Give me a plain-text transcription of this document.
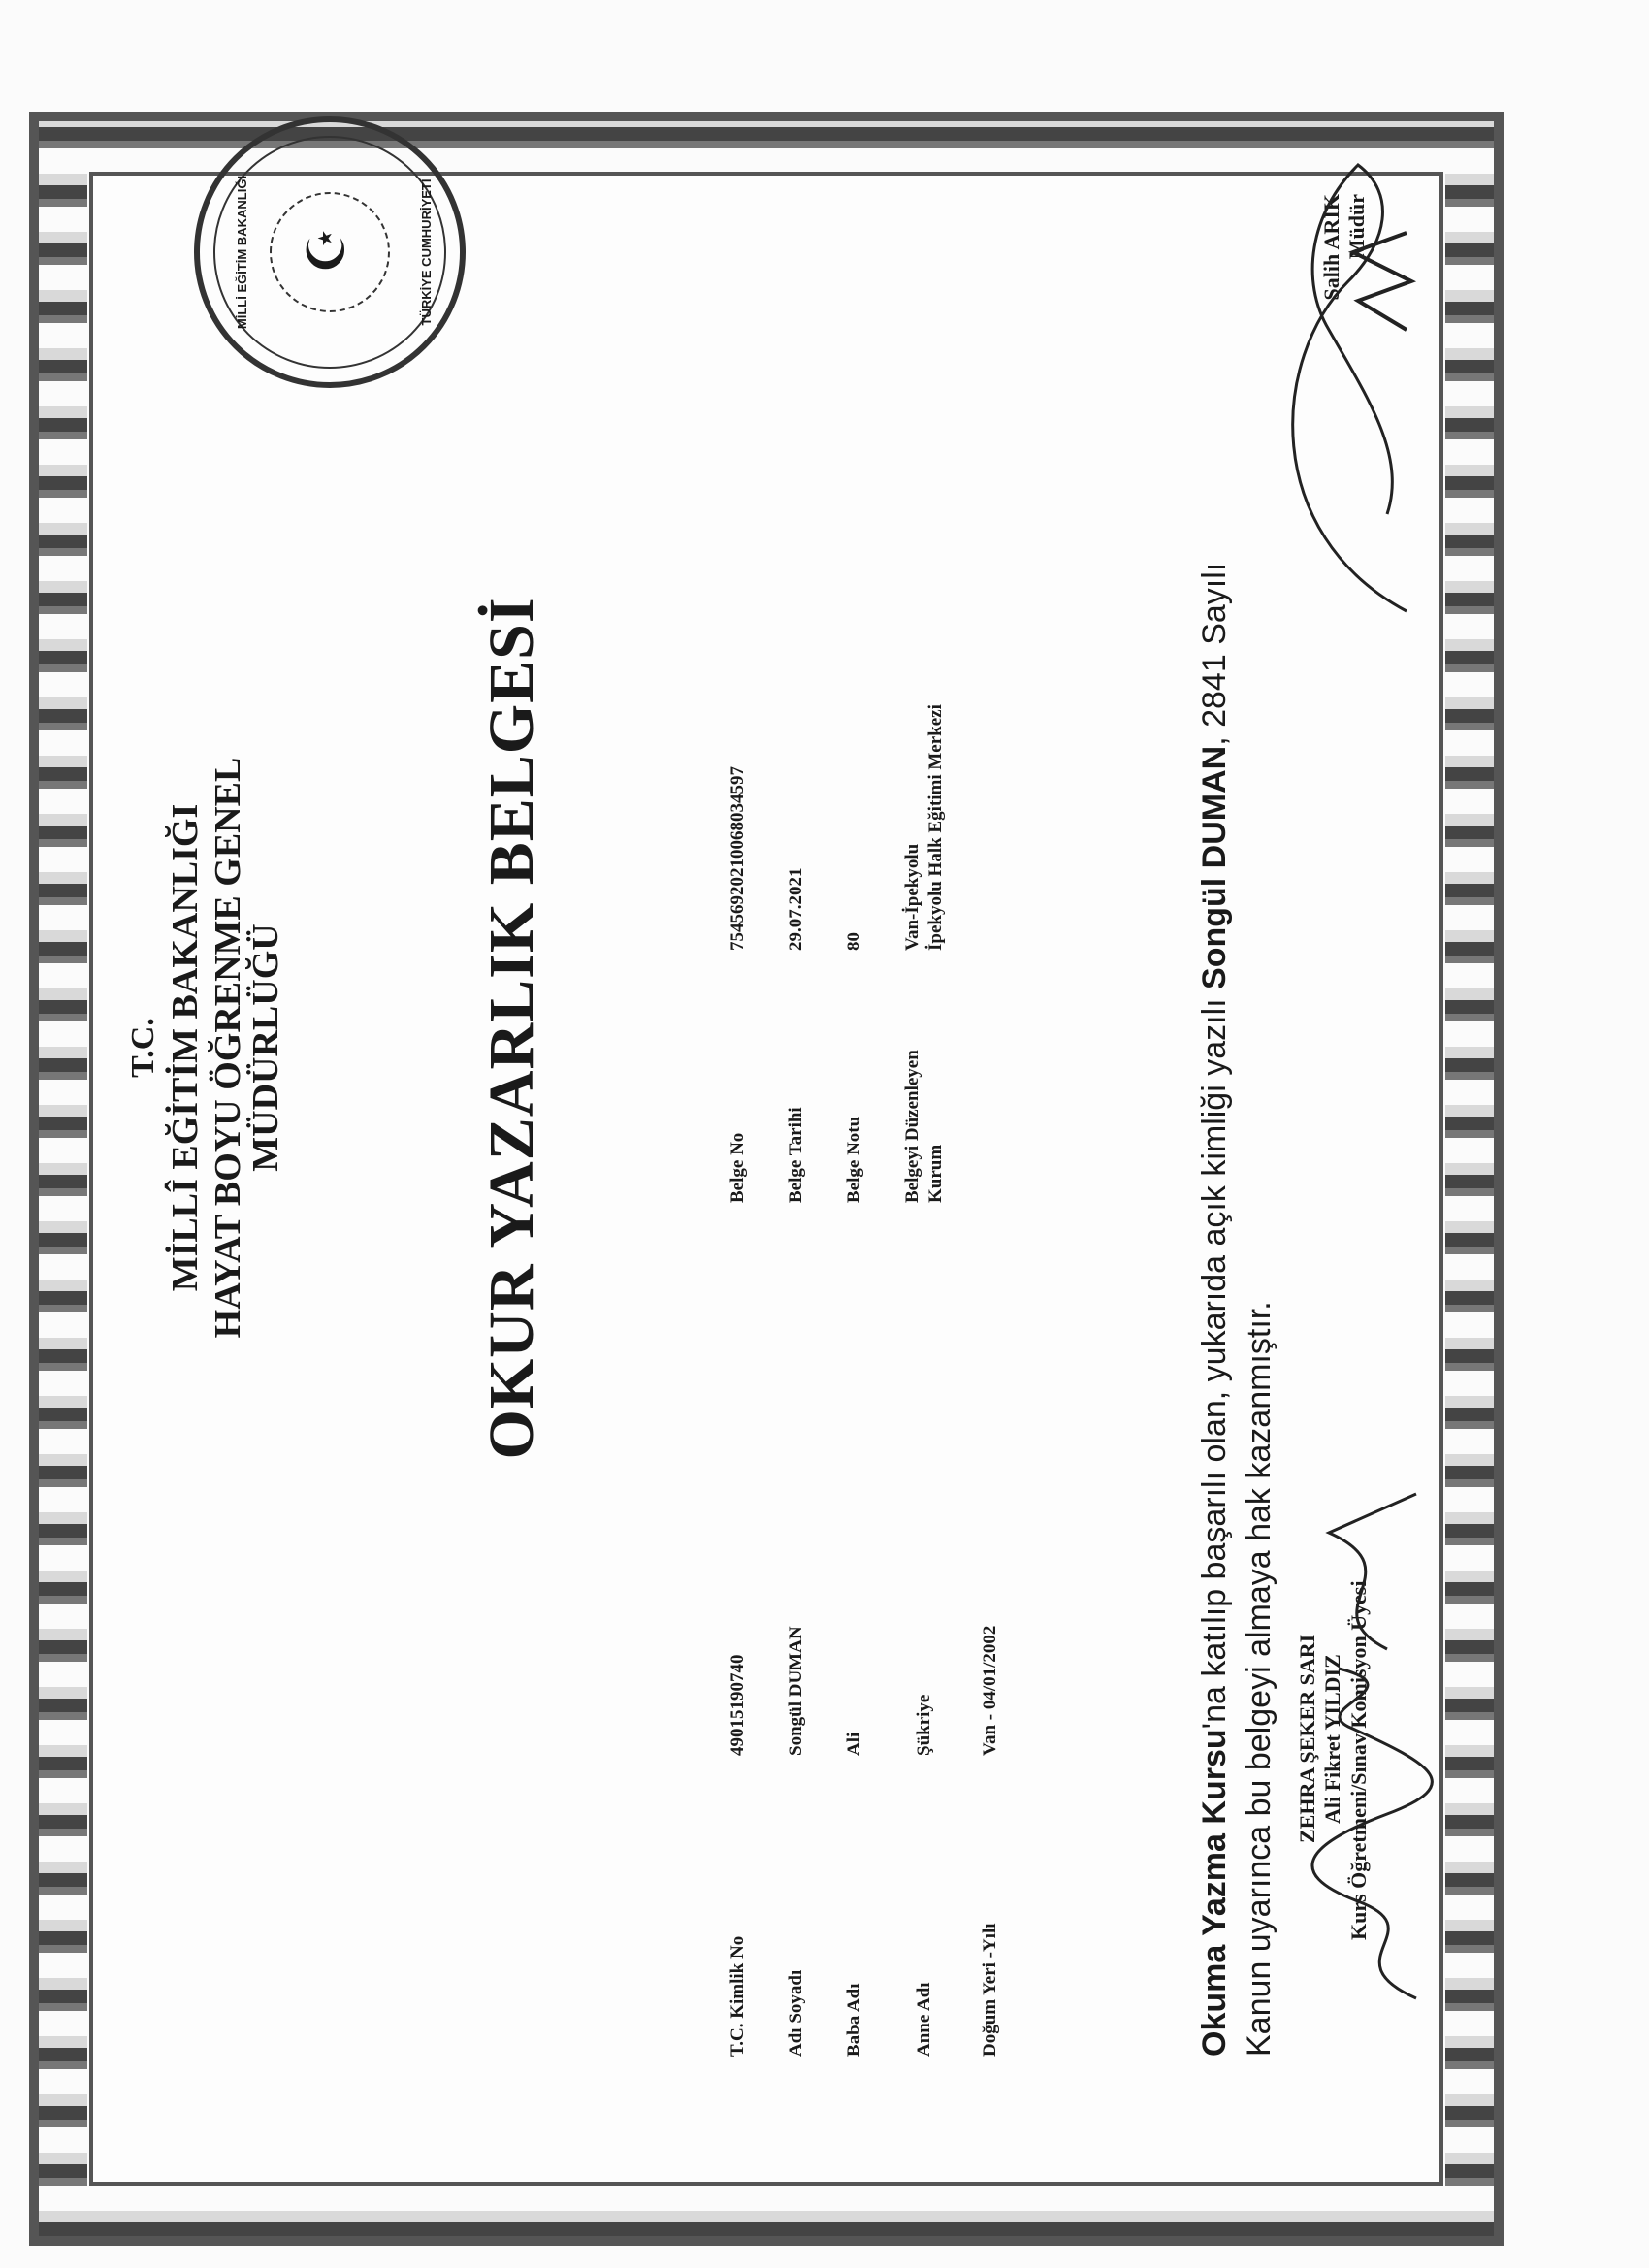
T.C. MİLLÎ EĞİTİM BAKANLIĞI HAYAT BOYU ÖĞRENME GENEL MÜDÜRLÜĞÜ
MİLLİ EĞİTİM BAKANLIĞI	TÜRKİYE CUMHURİYETİ
☪
OKUR YAZARLIK BELGESİ
T.C. Kimlik No
49015190740
Adı Soyadı
Songül DUMAN
Baba Adı
Ali
Anne Adı
Şükriye
Doğum Yeri -Yılı
Van - 04/01/2002
Belge No
75456920210068034597
Belge Tarihi
29.07.2021
Belge Notu
80
Belgeyi Düzenleyen
Van-İpekyolu
Kurum
İpekyolu Halk Eğitimi Merkezi
Okuma Yazma Kursu'na katılıp başarılı olan, yukarıda açık kimliği yazılı Songül DUMAN, 2841 Sayılı
Kanun uyarınca bu belgeyi almaya hak kazanmıştır. ZEHRA ŞEKER SARI Ali Fikret YILDIZ Kurs Öğretmeni/Sınav Komisyon Üyesi
Salih ARIK Müdür
